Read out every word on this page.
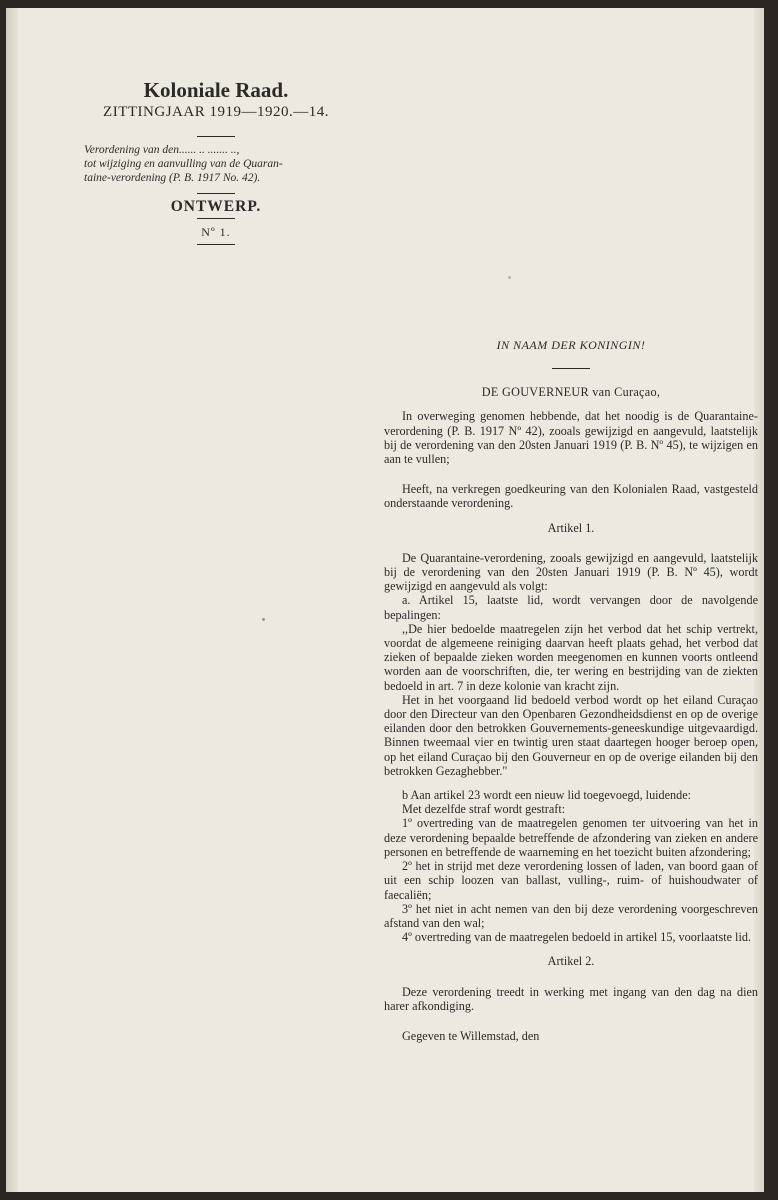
Koloniale Raad.
ZITTINGJAAR 1919—1920.—14.
Verordening van den...... .. ....... ..,
tot wijziging en aanvulling van de Quaran-
taine-verordening (P. B. 1917 No. 42).
ONTWERP.
Nº 1.

IN NAAM DER KONINGIN!

DE GOUVERNEUR van Curaçao,

In overweging genomen hebbende, dat het noodig is de Quarantaine-verordening (P. B. 1917 Nº 42), zooals gewijzigd en aangevuld, laatstelijk bij de verordening van den 20sten Januari 1919 (P. B. Nº 45), te wijzigen en aan te vullen;

Heeft, na verkregen goedkeuring van den Kolonialen Raad, vastgesteld onderstaande verordening.

Artikel 1.

De Quarantaine-verordening, zooals gewijzigd en aangevuld, laatstelijk bij de verordening van den 20sten Januari 1919 (P. B. Nº 45), wordt gewijzigd en aangevuld als volgt:

a. Artikel 15, laatste lid, wordt vervangen door de navolgende bepalingen:

,,De hier bedoelde maatregelen zijn het verbod dat het schip vertrekt, voordat de algemeene reiniging daarvan heeft plaats gehad, het verbod dat zieken of bepaalde zieken worden meegenomen en kunnen voorts ontleend worden aan de voorschriften, die, ter wering en bestrijding van de ziekten bedoeld in art. 7 in deze kolonie van kracht zijn.

Het in het voorgaand lid bedoeld verbod wordt op het eiland Curaçao door den Directeur van den Openbaren Gezondheidsdienst en op de overige eilanden door den betrokken Gouvernements-geneeskundige uitgevaardigd. Binnen tweemaal vier en twintig uren staat daartegen hooger beroep open, op het eiland Curaçao bij den Gouverneur en op de overige eilanden bij den betrokken Gezaghebber."

b Aan artikel 23 wordt een nieuw lid toegevoegd, luidende:

Met dezelfde straf wordt gestraft:

1º overtreding van de maatregelen genomen ter uitvoering van het in deze verordening bepaalde betreffende de afzondering van zieken en andere personen en betreffende de waarneming en het toezicht buiten afzondering;

2º het in strijd met deze verordening lossen of laden, van boord gaan of uit een schip loozen van ballast, vulling-, ruim- of huishoudwater of faecaliën;

3º het niet in acht nemen van den bij deze verordening voorgeschreven afstand van den wal;

4º overtreding van de maatregelen bedoeld in artikel 15, voorlaatste lid.

Artikel 2.

Deze verordening treedt in werking met ingang van den dag na dien harer afkondiging.

Gegeven te Willemstad, den
